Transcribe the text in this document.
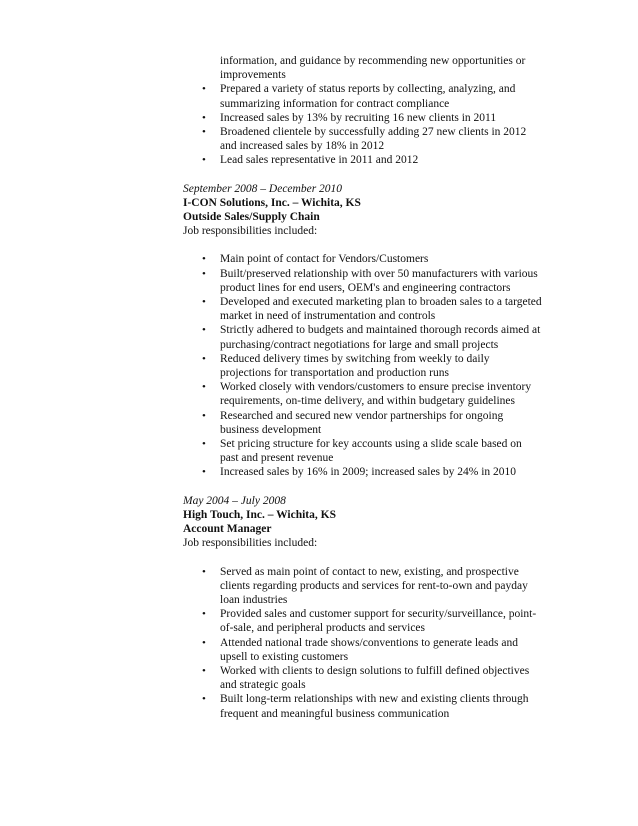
information, and guidance by recommending new opportunities or improvements
• Prepared a variety of status reports by collecting, analyzing, and summarizing information for contract compliance
• Increased sales by 13% by recruiting 16 new clients in 2011
• Broadened clientele by successfully adding 27 new clients in 2012 and increased sales by 18% in 2012
• Lead sales representative in 2011 and 2012
September 2008 – December 2010
I-CON Solutions, Inc. – Wichita, KS
Outside Sales/Supply Chain
Job responsibilities included:
• Main point of contact for Vendors/Customers
• Built/preserved relationship with over 50 manufacturers with various product lines for end users, OEM's and engineering contractors
• Developed and executed marketing plan to broaden sales to a targeted market in need of instrumentation and controls
• Strictly adhered to budgets and maintained thorough records aimed at purchasing/contract negotiations for large and small projects
• Reduced delivery times by switching from weekly to daily projections for transportation and production runs
• Worked closely with vendors/customers to ensure precise inventory requirements, on-time delivery, and within budgetary guidelines
• Researched and secured new vendor partnerships for ongoing business development
• Set pricing structure for key accounts using a slide scale based on past and present revenue
• Increased sales by 16% in 2009; increased sales by 24% in 2010
May 2004 – July 2008
High Touch, Inc. – Wichita, KS
Account Manager
Job responsibilities included:
• Served as main point of contact to new, existing, and prospective clients regarding products and services for rent-to-own and payday loan industries
• Provided sales and customer support for security/surveillance, point-of-sale, and peripheral products and services
• Attended national trade shows/conventions to generate leads and upsell to existing customers
• Worked with clients to design solutions to fulfill defined objectives and strategic goals
• Built long-term relationships with new and existing clients through frequent and meaningful business communication
